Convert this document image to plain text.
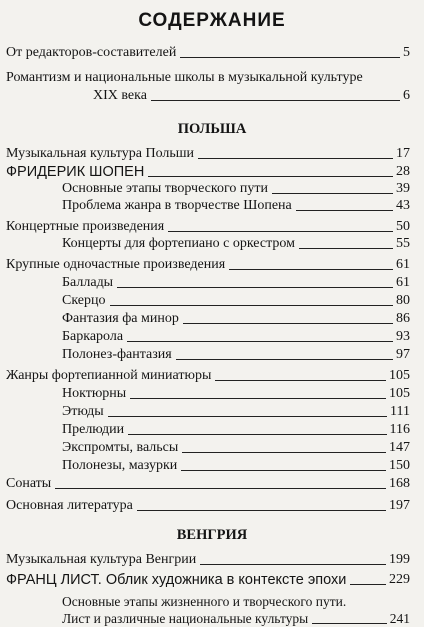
СОДЕРЖАНИЕ
От редакторов-составителей	5
Романтизм и национальные школы в музыкальной культуре
XIX века	6
ПОЛЬША
Музыкальная культура Польши	17
ФРИДЕРИК ШОПЕН	28
Основные этапы творческого пути	39
Проблема жанра в творчестве Шопена	43
Концертные произведения	50
Концерты для фортепиано с оркестром	55
Крупные одночастные произведения	61
Баллады	61
Скерцо	80
Фантазия фа минор	86
Баркарола	93
Полонез-фантазия	97
Жанры фортепианной миниатюры	105
Ноктюрны	105
Этюды	111
Прелюдии	116
Экспромты, вальсы	147
Полонезы, мазурки	150
Сонаты	168
Основная литература	197
ВЕНГРИЯ
Музыкальная культура Венгрии	199
ФРАНЦ ЛИСТ. Облик художника в контексте эпохи	229
Основные этапы жизненного и творческого пути.
Лист и различные национальные культуры	241
